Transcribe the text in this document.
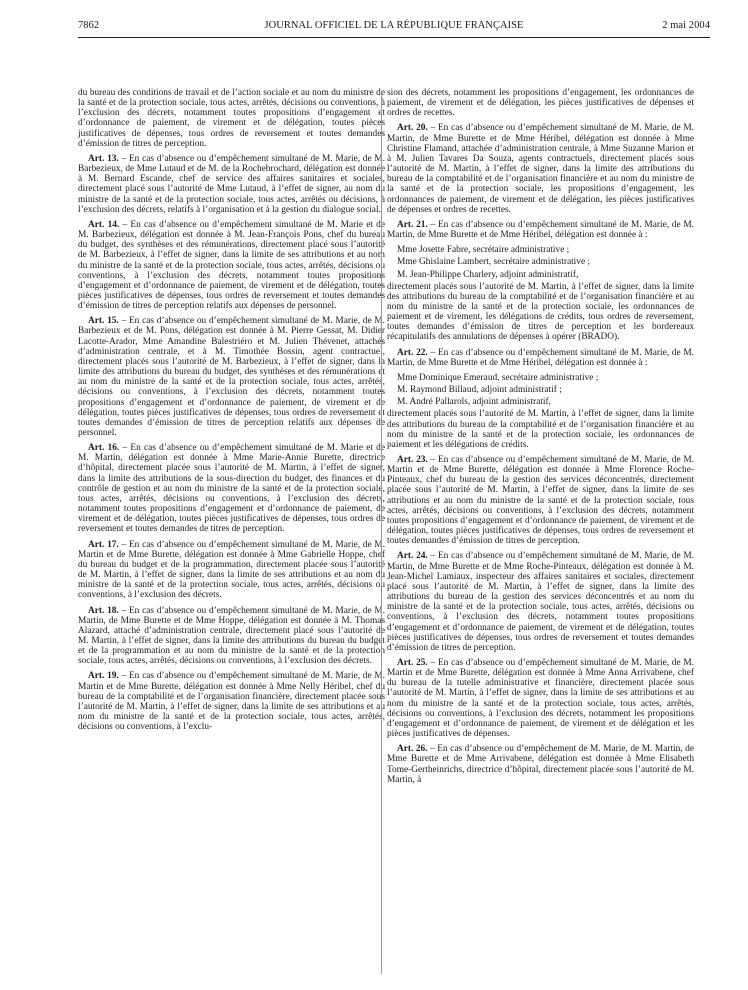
7862	JOURNAL OFFICIEL DE LA RÉPUBLIQUE FRANÇAISE	2 mai 2004

du bureau des conditions de travail et de l’action sociale et au nom du ministre de la santé et de la protection sociale, tous actes, arrêtés, décisions ou conventions, à l’exclusion des décrets, notamment toutes propositions d’engagement et d’ordonnance de paiement, de virement et de délégation, toutes pièces justificatives de dépenses, tous ordres de reversement et toutes demandes d’émission de titres de perception.

Art. 13. – En cas d’absence ou d’empêchement simultané de M. Marie, de M. Barbezieux, de Mme Lutaud et de M. de la Rochebrochard, délégation est donnée à M. Bernard Escande, chef de service des affaires sanitaires et sociales, directement placé sous l’autorité de Mme Lutaud, à l’effet de signer, au nom du ministre de la santé et de la protection sociale, tous actes, arrêtés ou décisions, à l’exclusion des décrets, relatifs à l’organisation et à la gestion du dialogue social.

Art. 14. – En cas d’absence ou d’empêchement simultané de M. Marie et de M. Barbezieux, délégation est donnée à M. Jean-François Pons, chef du bureau du budget, des synthèses et des rémunérations, directement placé sous l’autorité de M. Barbezieux, à l’effet de signer, dans la limite de ses attributions et au nom du ministre de la santé et de la protection sociale, tous actes, arrêtés, décisions ou conventions, à l’exclusion des décrets, notamment toutes propositions d’engagement et d’ordonnance de paiement, de virement et de délégation, toutes pièces justificatives de dépenses, tous ordres de reversement et toutes demandes d’émission de titres de perception relatifs aux dépenses de personnel.

Art. 15. – En cas d’absence ou d’empêchement simultané de M. Marie, de M. Barbezieux et de M. Pons, délégation est donnée à M. Pierre Gessat, M. Didier Lacotte-Arador, Mme Amandine Balestriéro et M. Julien Thévenet, attachés d’administration centrale, et à M. Timothée Bossin, agent contractuel, directement placés sous l’autorité de M. Barbezieux, à l’effet de signer, dans la limite des attributions du bureau du budget, des synthèses et des rémunérations et au nom du ministre de la santé et de la protection sociale, tous actes, arrêtés, décisions ou conventions, à l’exclusion des décrets, notamment toutes propositions d’engagement et d’ordonnance de paiement, de virement et de délégation, toutes pièces justificatives de dépenses, tous ordres de reversement et toutes demandes d’émission de titres de perception relatifs aux dépenses de personnel.

Art. 16. – En cas d’absence ou d’empêchement simultané de M. Marie et de M. Martin, délégation est donnée à Mme Marie-Annie Burette, directrice d’hôpital, directement placée sous l’autorité de M. Martin, à l’effet de signer, dans la limite des attributions de la sous-direction du budget, des finances et du contrôle de gestion et au nom du ministre de la santé et de la protection sociale, tous actes, arrêtés, décisions ou conventions, à l’exclusion des décrets, notamment toutes propositions d’engagement et d’ordonnance de paiement, de virement et de délégation, toutes pièces justificatives de dépenses, tous ordres de reversement et toutes demandes de titres de perception.

Art. 17. – En cas d’absence ou d’empêchement simultané de M. Marie, de M. Martin et de Mme Burette, délégation est donnée à Mme Gabrielle Hoppe, chef du bureau du budget et de la programmation, directement placée sous l’autorité de M. Martin, à l’effet de signer, dans la limite de ses attributions et au nom du ministre de la santé et de la protection sociale, tous actes, arrêtés, décisions ou conventions, à l’exclusion des décrets.

Art. 18. – En cas d’absence ou d’empêchement simultané de M. Marie, de M. Martin, de Mme Burette et de Mme Hoppe, délégation est donnée à M. Thomas Alazard, attaché d’administration centrale, directement placé sous l’autorité de M. Martin, à l’effet de signer, dans la limite des attributions du bureau du budget et de la programmation et au nom du ministre de la santé et de la protection sociale, tous actes, arrêtés, décisions ou conventions, à l’exclusion des décrets.

Art. 19. – En cas d’absence ou d’empêchement simultané de M. Marie, de M. Martin et de Mme Burette, délégation est donnée à Mme Nelly Héribel, chef du bureau de la comptabilité et de l’organisation financière, directement placée sous l’autorité de M. Martin, à l’effet de signer, dans la limite de ses attributions et au nom du ministre de la santé et de la protection sociale, tous actes, arrêtés, décisions ou conventions, à l’exclu-

sion des décrets, notamment les propositions d’engagement, les ordonnances de paiement, de virement et de délégation, les pièces justificatives de dépenses et ordres de recettes.

Art. 20. – En cas d’absence ou d’empêchement simultané de M. Marie, de M. Martin, de Mme Burette et de Mme Héribel, délégation est donnée à Mme Christine Flamand, attachée d’administration centrale, à Mme Suzanne Marion et à M. Julien Tavares Da Souza, agents contractuels, directement placés sous l’autorité de M. Martin, à l’effet de signer, dans la limite des attributions du bureau de la comptabilité et de l’organisation financière et au nom du ministre de la santé et de la protection sociale, les propositions d’engagement, les ordonnances de paiement, de virement et de délégation, les pièces justificatives de dépenses et ordres de recettes.

Art. 21. – En cas d’absence ou d’empêchement simultané de M. Marie, de M. Martin, de Mme Burette et de Mme Héribel, délégation est donnée à :

Mme Josette Fabre, secrétaire administrative ;

Mme Ghislaine Lambert, secrétaire administrative ;

M. Jean-Philippe Charlery, adjoint administratif,

directement placés sous l’autorité de M. Martin, à l’effet de signer, dans la limite des attributions du bureau de la comptabilité et de l’organisation financière et au nom du ministre de la santé et de la protection sociale, les ordonnances de paiement et de virement, les délégations de crédits, tous ordres de reversement, toutes demandes d’émission de titres de perception et les bordereaux récapitulatifs des annulations de dépenses à opérer (BRADO).

Art. 22. – En cas d’absence ou d’empêchement simultané de M. Marie, de M. Martin, de Mme Burette et de Mme Héribel, délégation est donnée à :

Mme Dominique Emeraud, secrétaire administrative ;

M. Raymond Billaud, adjoint administratif ;

M. André Pallarols, adjoint administratif,

directement placés sous l’autorité de M. Martin, à l’effet de signer, dans la limite des attributions du bureau de la comptabilité et de l’organisation financière et au nom du ministre de la santé et de la protection sociale, les ordonnances de paiement et les délégations de crédits.

Art. 23. – En cas d’absence ou d’empêchement simultané de M. Marie, de M. Martin et de Mme Burette, délégation est donnée à Mme Florence Roche-Pinteaux, chef du bureau de la gestion des services déconcentrés, directement placée sous l’autorité de M. Martin, à l’effet de signer, dans la limite de ses attributions et au nom du ministre de la santé et de la protection sociale, tous actes, arrêtés, décisions ou conventions, à l’exclusion des décrets, notamment toutes propositions d’engagement et d’ordonnance de paiement, de virement et de délégation, toutes pièces justificatives de dépenses, tous ordres de reversement et toutes demandes d’émission de titres de perception.

Art. 24. – En cas d’absence ou d’empêchement simultané de M. Marie, de M. Martin, de Mme Burette et de Mme Roche-Pinteaux, délégation est donnée à M. Jean-Michel Lamiaux, inspecteur des affaires sanitaires et sociales, directement placé sous l’autorité de M. Martin, à l’effet de signer, dans la limite des attributions du bureau de la gestion des services déconcentrés et au nom du ministre de la santé et de la protection sociale, tous actes, arrêtés, décisions ou conventions, à l’exclusion des décrets, notamment toutes propositions d’engagement et d’ordonnance de paiement, de virement et de délégation, toutes pièces justificatives de dépenses, tous ordres de reversement et toutes demandes d’émission de titres de perception.

Art. 25. – En cas d’absence ou d’empêchement simultané de M. Marie, de M. Martin et de Mme Burette, délégation est donnée à Mme Anna Arrivabene, chef du bureau de la tutelle administrative et financière, directement placée sous l’autorité de M. Martin, à l’effet de signer, dans la limite de ses attributions et au nom du ministre de la santé et de la protection sociale, tous actes, arrêtés, décisions ou conventions, à l’exclusion des décrets, notamment les propositions d’engagement et d’ordonnance de paiement, de virement et de délégation et les pièces justificatives de dépenses.

Art. 26. – En cas d’absence ou d’empêchement de M. Marie, de M. Martin, de Mme Burette et de Mme Arrivabene, délégation est donnée à Mme Elisabeth Tome-Gertheinrichs, directrice d’hôpital, directement placée sous l’autorité de M. Martin, à
